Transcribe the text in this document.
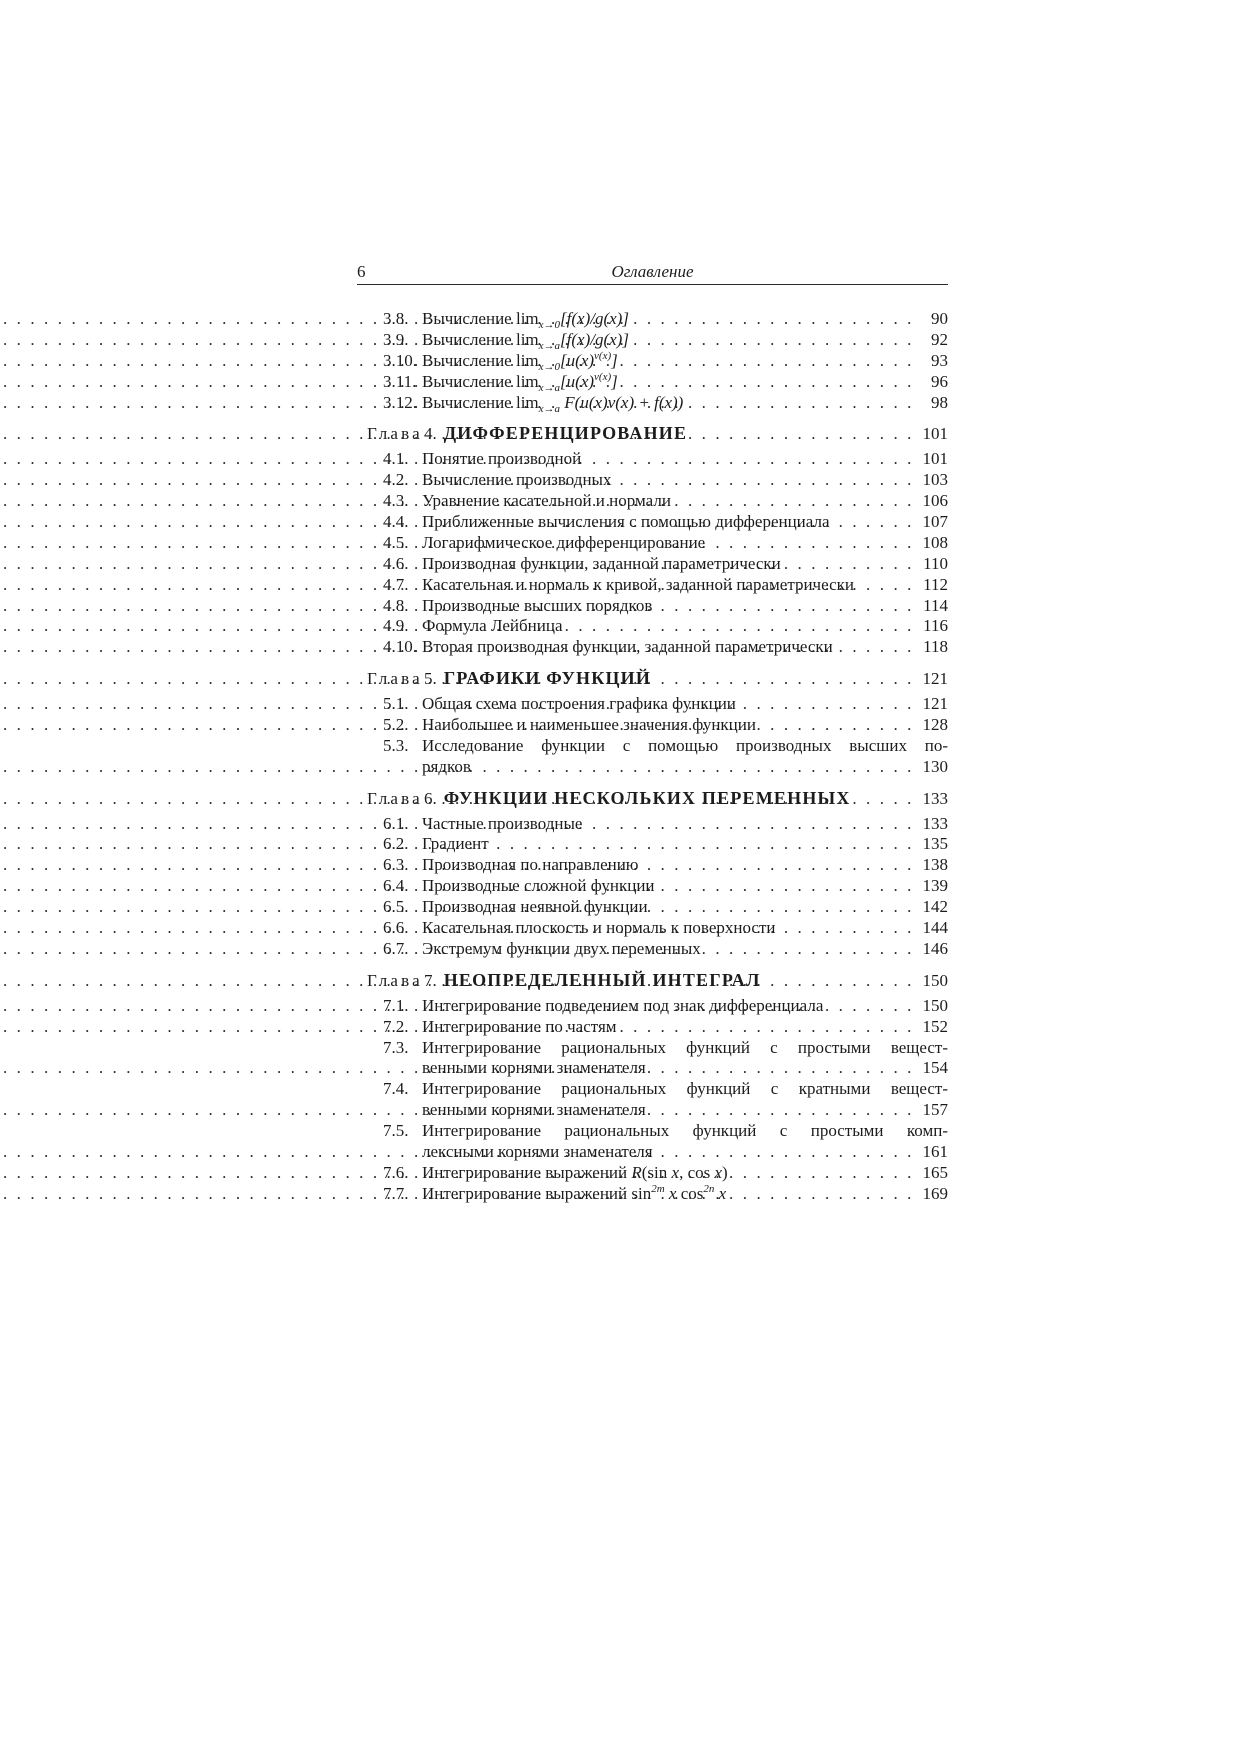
6	Оглавление
3.8. Вычисление $\lim_{x\to 0}[f(x)/g(x)]$ . . .	90
3.9. Вычисление $\lim_{x\to a}[f(x)/g(x)]$ . . .	92
3.10. Вычисление $\lim_{x\to 0}[u(x)^{v(x)}]$ . . .	93
3.11. Вычисление $\lim_{x\to a}[u(x)^{v(x)}]$ . . .	96
3.12. Вычисление $\lim_{x\to a} F(u(x)v(x) + f(x))$ . . .	98
Глава 4. ДИФФЕРЕНЦИРОВАНИЕ . . .	101
4.1. Понятие производной . . .	101
4.2. Вычисление производных . . .	103
4.3. Уравнение касательной и нормали . . .	106
4.4. Приближенные вычисления с помощью дифференциала . . .	107
4.5. Логарифмическое дифференцирование . . .	108
4.6. Производная функции, заданной параметрически . . .	110
4.7. Касательная и нормаль к кривой, заданной параметрически . . .	112
4.8. Производные высших порядков . . .	114
4.9. Формула Лейбница . . .	116
4.10. Вторая производная функции, заданной параметрически . . .	118
Глава 5. ГРАФИКИ ФУНКЦИЙ . . .	121
5.1. Общая схема построения графика функции . . .	121
5.2. Наибольшее и наименьшее значения функции . . .	128
5.3. Исследование функции с помощью производных высших по-
рядков . . .	130
Глава 6. ФУНКЦИИ НЕСКОЛЬКИХ ПЕРЕМЕННЫХ . . .	133
6.1. Частные производные . . .	133
6.2. Градиент . . .	135
6.3. Производная по направлению . . .	138
6.4. Производные сложной функции . . .	139
6.5. Производная неявной функции . . .	142
6.6. Касательная плоскость и нормаль к поверхности . . .	144
6.7. Экстремум функции двух переменных . . .	146
Глава 7. НЕОПРЕДЕЛЕННЫЙ ИНТЕГРАЛ . . .	150
7.1. Интегрирование подведением под знак дифференциала . . .	150
7.2. Интегрирование по частям . . .	152
7.3. Интегрирование рациональных функций с простыми вещест-
венными корнями знаменателя . . .	154
7.4. Интегрирование рациональных функций с кратными вещест-
венными корнями знаменателя . . .	157
7.5. Интегрирование рациональных функций с простыми комп-
лексными корнями знаменателя . . .	161
7.6. Интегрирование выражений R(sin x, cos x) . . .	165
7.7. Интегрирование выражений $\sin^{2m} x$ $\cos^{2n} x$ . . .	169
